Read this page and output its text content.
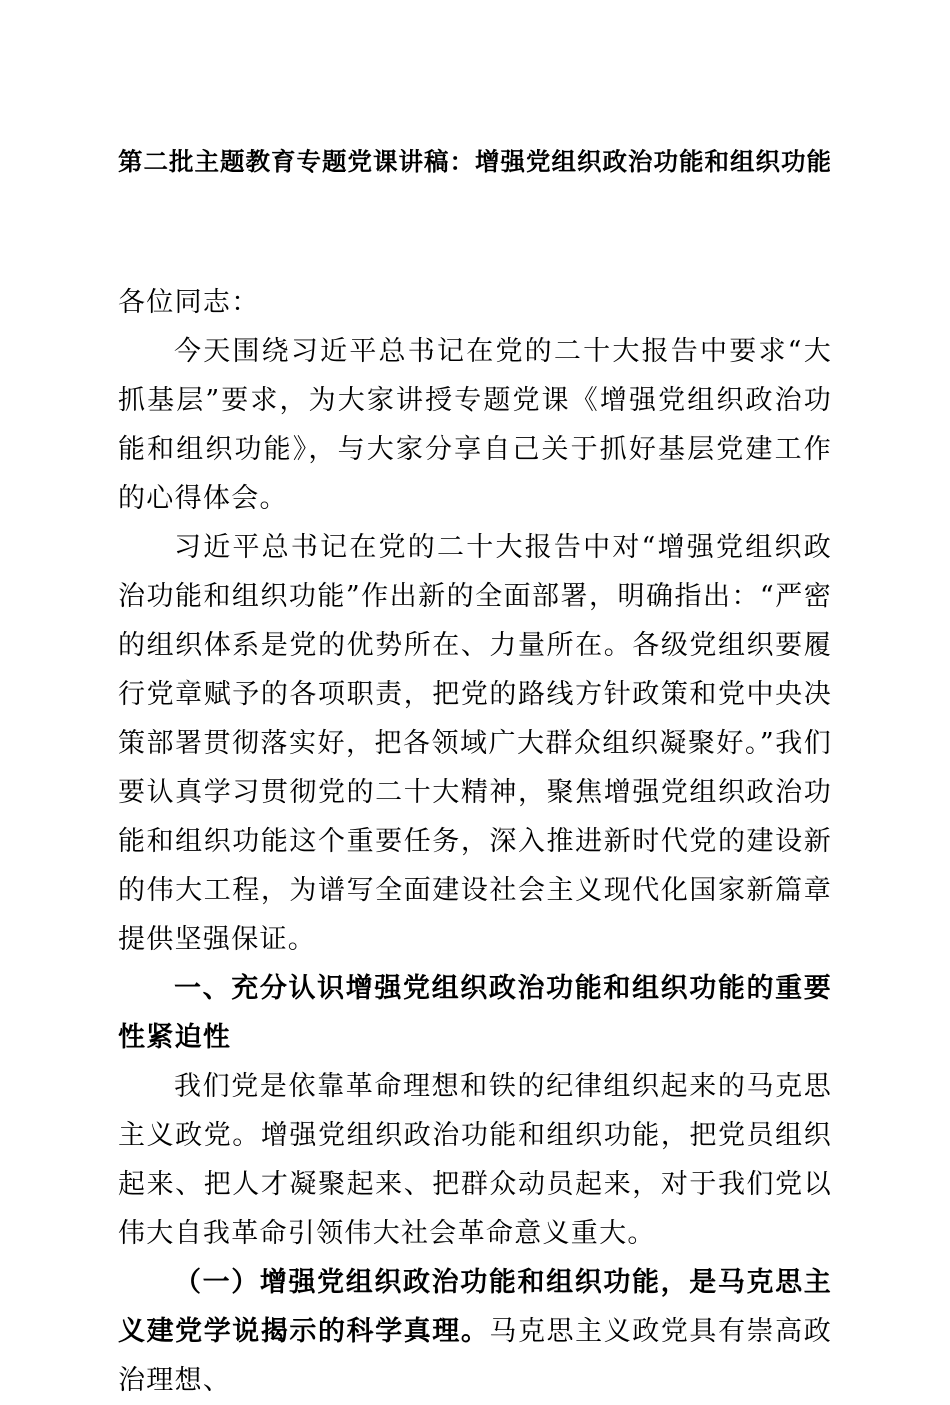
第二批主题教育专题党课讲稿：增强党组织政治功能和组织功能

各位同志：

今天围绕习近平总书记在党的二十大报告中要求“大抓基层”要求，为大家讲授专题党课《增强党组织政治功能和组织功能》，与大家分享自己关于抓好基层党建工作的心得体会。

习近平总书记在党的二十大报告中对“增强党组织政治功能和组织功能”作出新的全面部署，明确指出：“严密的组织体系是党的优势所在、力量所在。各级党组织要履行党章赋予的各项职责，把党的路线方针政策和党中央决策部署贯彻落实好，把各领域广大群众组织凝聚好。”我们要认真学习贯彻党的二十大精神，聚焦增强党组织政治功能和组织功能这个重要任务，深入推进新时代党的建设新的伟大工程，为谱写全面建设社会主义现代化国家新篇章提供坚强保证。

一、充分认识增强党组织政治功能和组织功能的重要性紧迫性

我们党是依靠革命理想和铁的纪律组织起来的马克思主义政党。增强党组织政治功能和组织功能，把党员组织起来、把人才凝聚起来、把群众动员起来，对于我们党以伟大自我革命引领伟大社会革命意义重大。

（一）增强党组织政治功能和组织功能，是马克思主义建党学说揭示的科学真理。马克思主义政党具有崇高政治理想、
